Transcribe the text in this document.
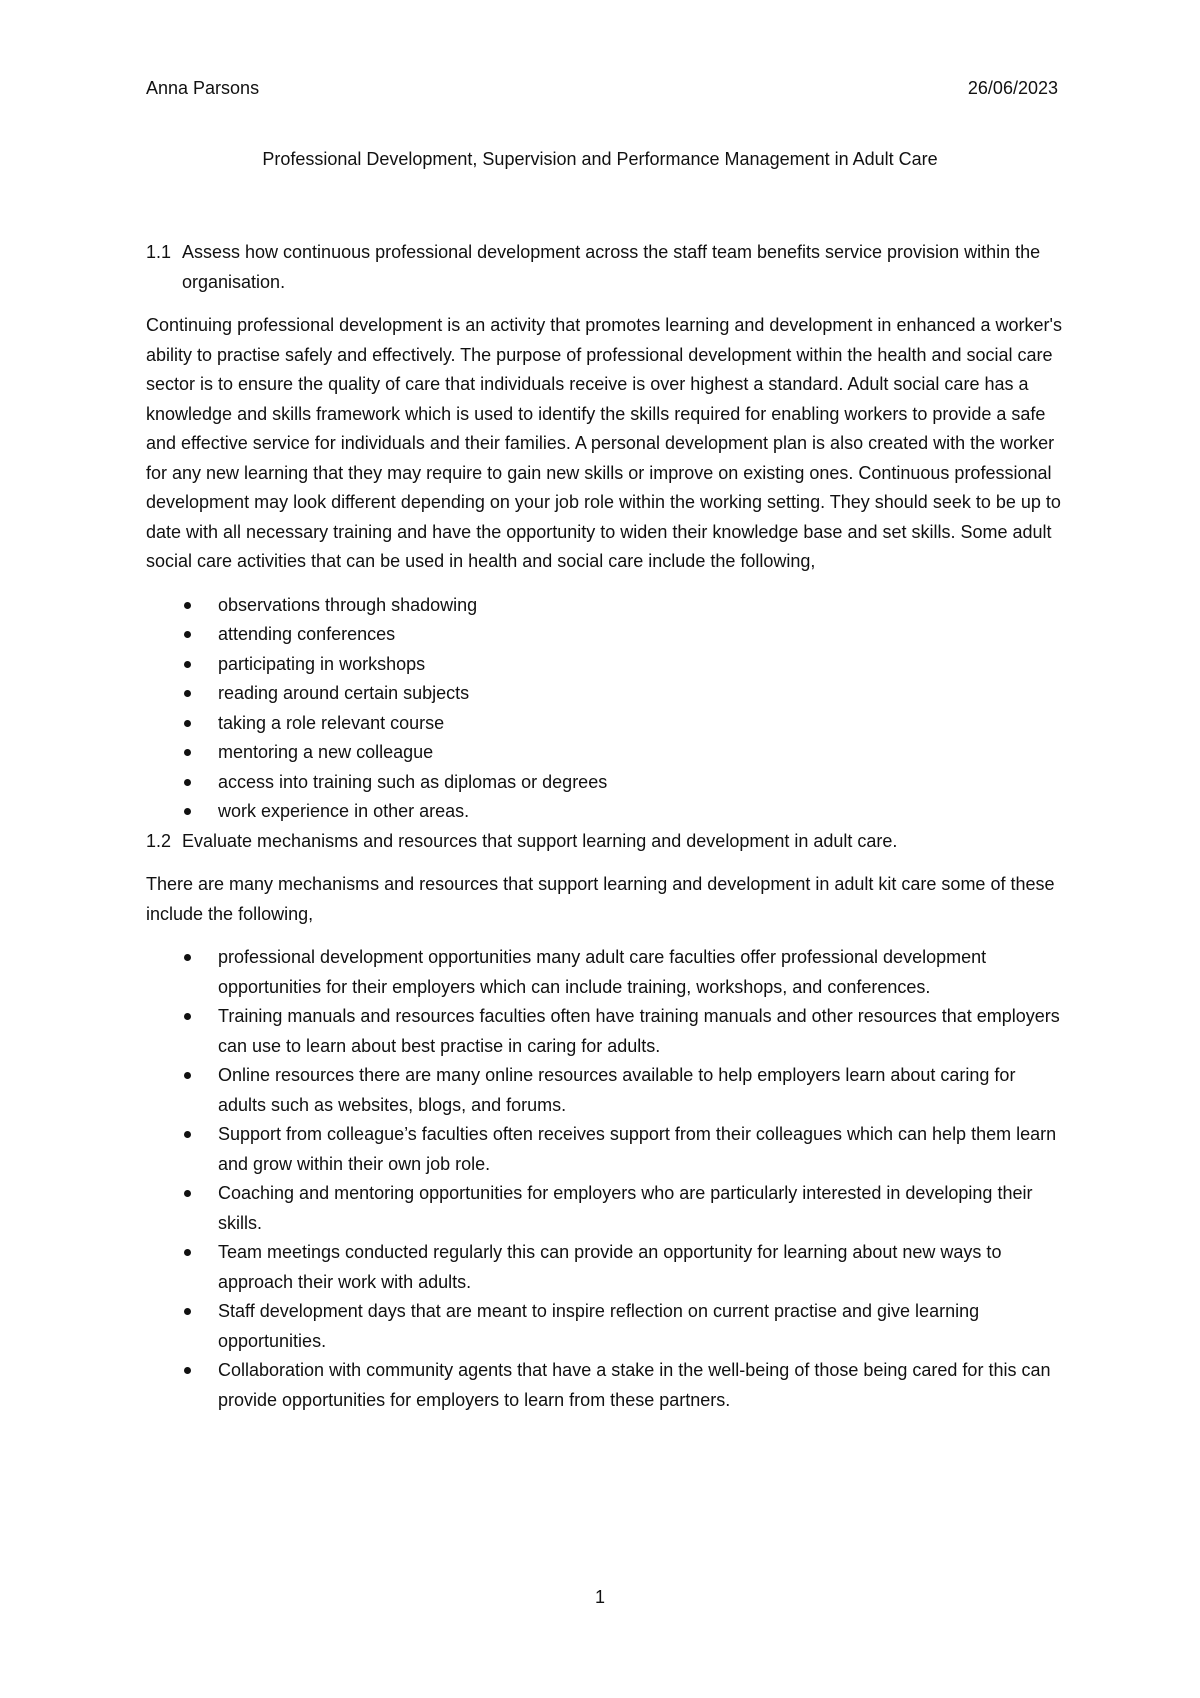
Anna Parsons	26/06/2023
Professional Development, Supervision and Performance Management in Adult Care
1.1 Assess how continuous professional development across the staff team benefits service provision within the organisation.

Continuing professional development is an activity that promotes learning and development in enhanced a worker's ability to practise safely and effectively. The purpose of professional development within the health and social care sector is to ensure the quality of care that individuals receive is over highest a standard. Adult social care has a knowledge and skills framework which is used to identify the skills required for enabling workers to provide a safe and effective service for individuals and their families. A personal development plan is also created with the worker for any new learning that they may require to gain new skills or improve on existing ones. Continuous professional development may look different depending on your job role within the working setting. They should seek to be up to date with all necessary training and have the opportunity to widen their knowledge base and set skills. Some adult social care activities that can be used in health and social care include the following,

observations through shadowing
attending conferences
participating in workshops
reading around certain subjects
taking a role relevant course
mentoring a new colleague
access into training such as diplomas or degrees
work experience in other areas.
1.2 Evaluate mechanisms and resources that support learning and development in adult care.

There are many mechanisms and resources that support learning and development in adult kit care some of these include the following,

professional development opportunities many adult care faculties offer professional development opportunities for their employers which can include training, workshops, and conferences.
Training manuals and resources faculties often have training manuals and other resources that employers can use to learn about best practise in caring for adults.
Online resources there are many online resources available to help employers learn about caring for adults such as websites, blogs, and forums.
Support from colleague’s faculties often receives support from their colleagues which can help them learn and grow within their own job role.
Coaching and mentoring opportunities for employers who are particularly interested in developing their skills.
Team meetings conducted regularly this can provide an opportunity for learning about new ways to approach their work with adults.
Staff development days that are meant to inspire reflection on current practise and give learning opportunities.
Collaboration with community agents that have a stake in the well-being of those being cared for this can provide opportunities for employers to learn from these partners.
1
